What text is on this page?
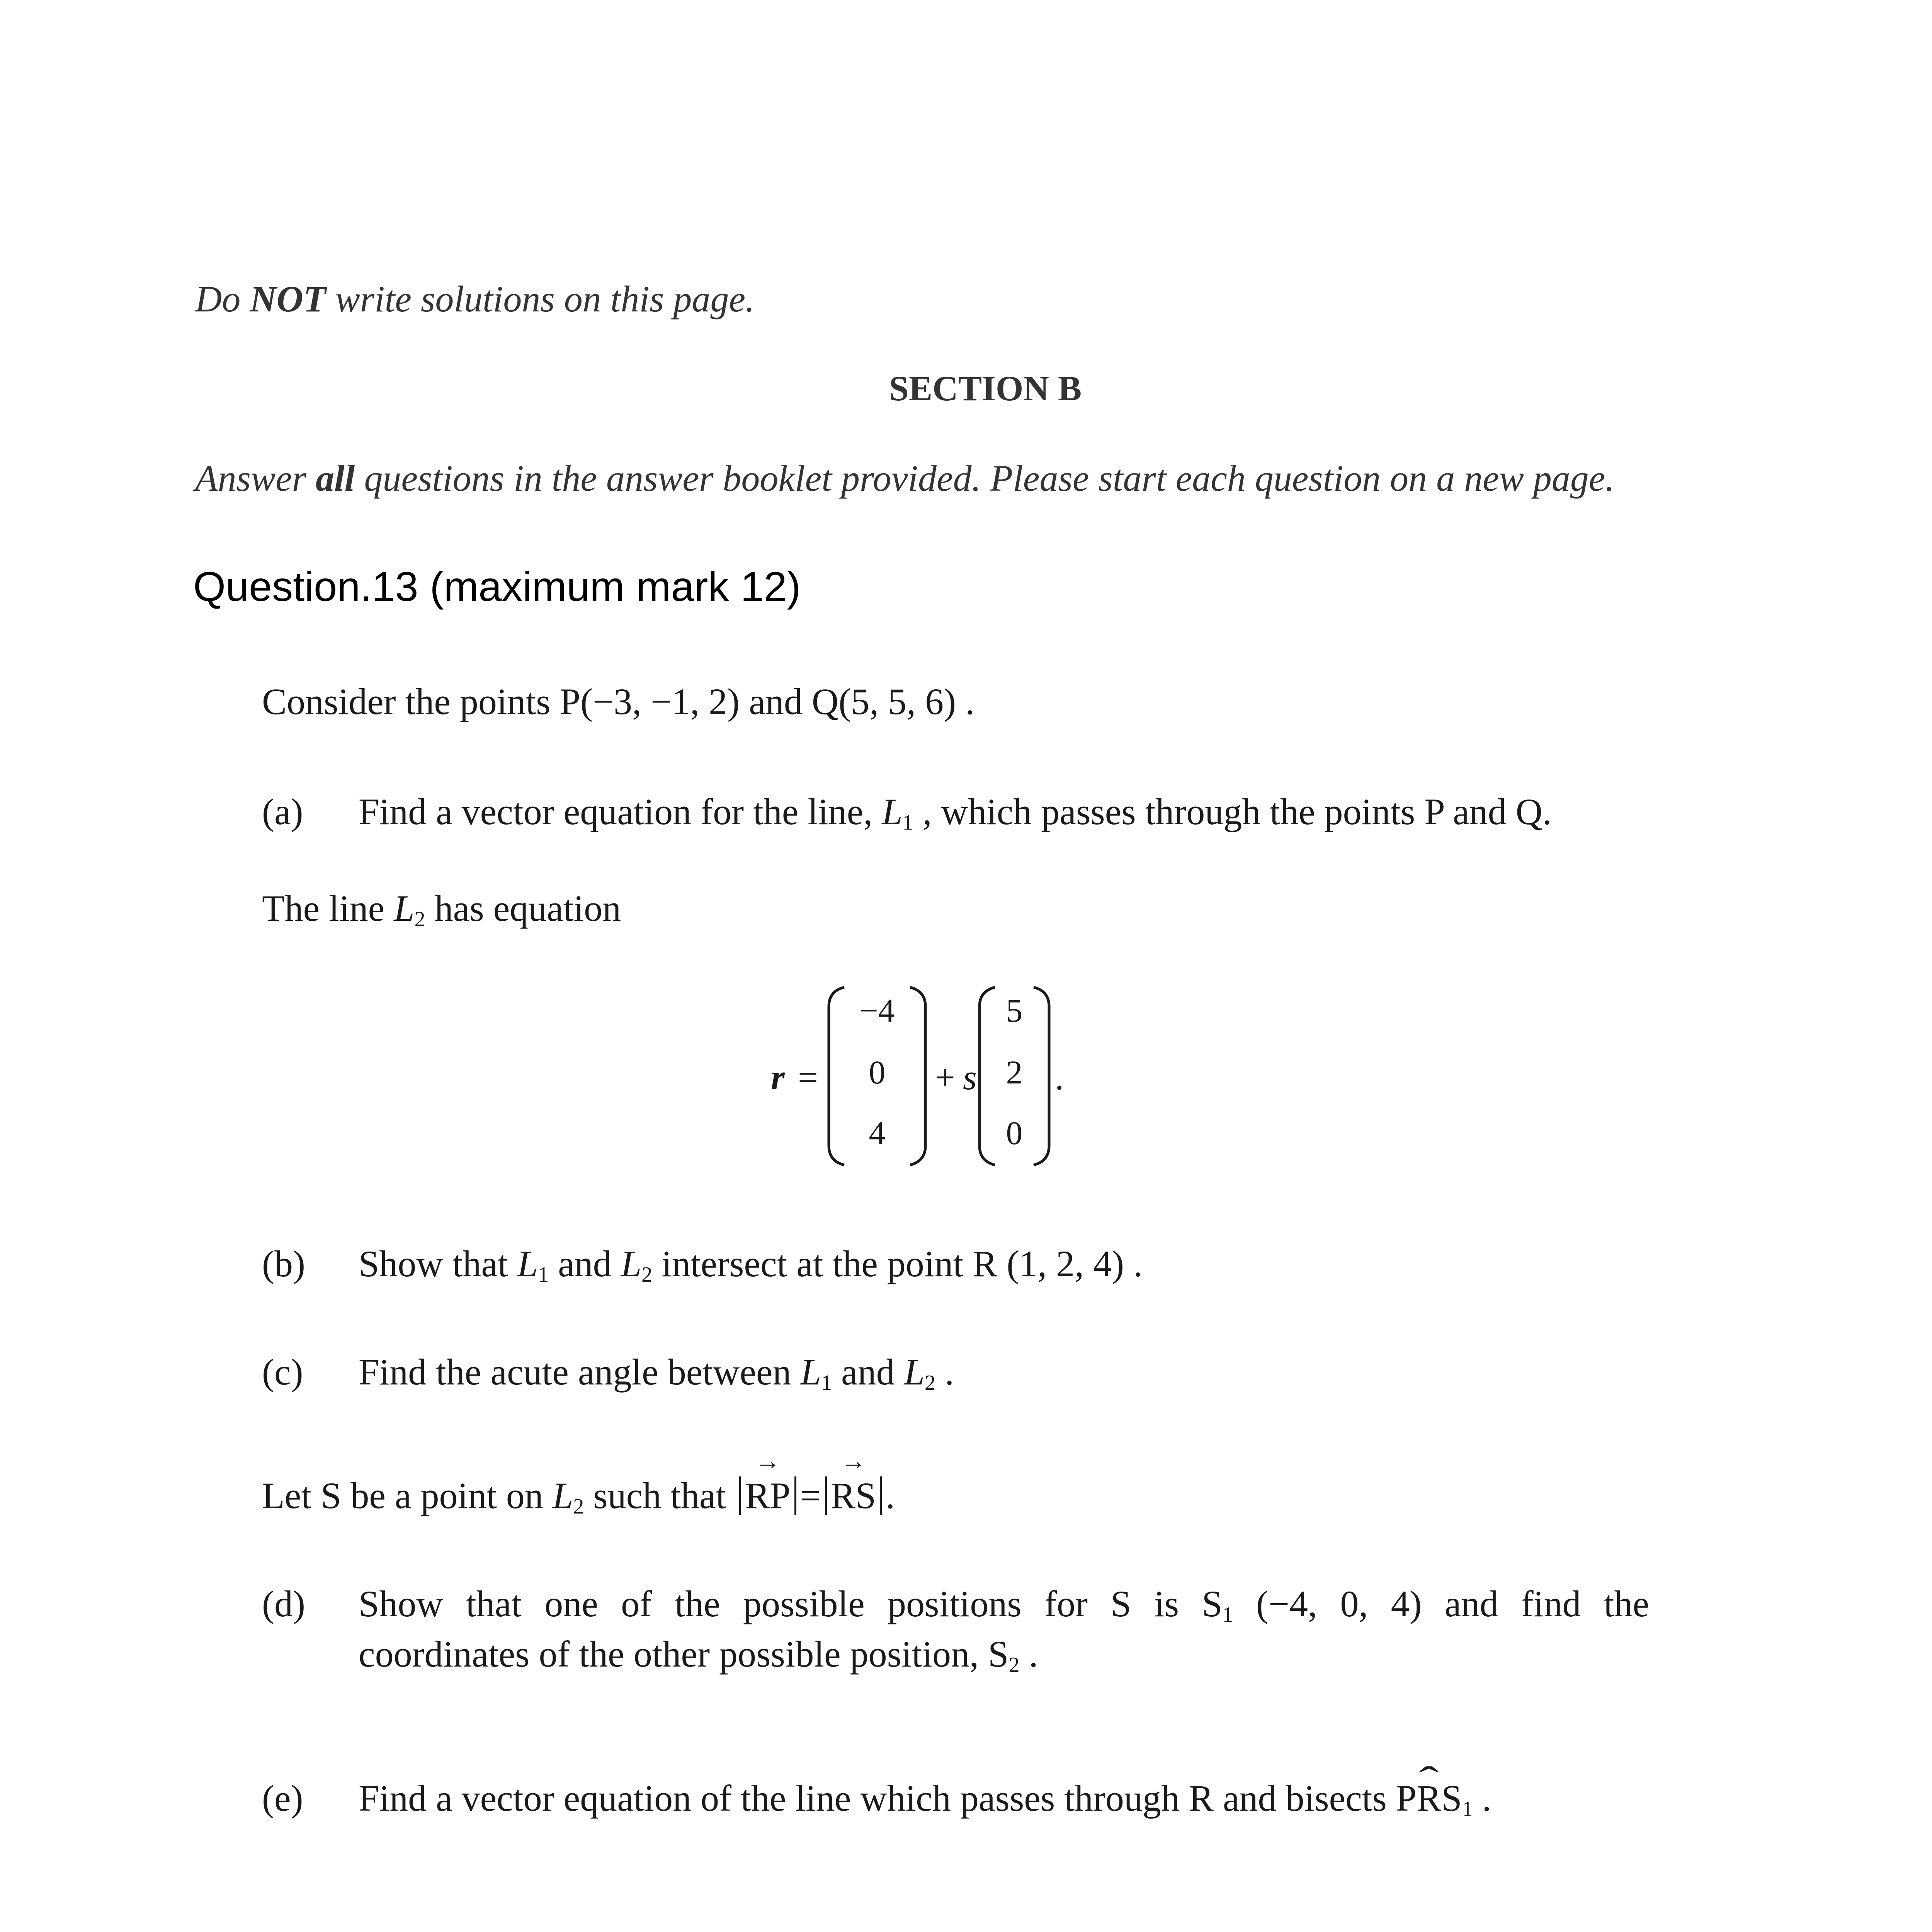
Do NOT write solutions on this page.
SECTION B
Answer all questions in the answer booklet provided. Please start each question on a new page.
Question.13 (maximum mark 12)
Consider the points P(−3, −1, 2) and Q(5, 5, 6) .
(a) Find a vector equation for the line, $L_1$ , which passes through the points P and Q.
The line $L_2$ has equation
r =
−4
0
4
+ s
5
2
0
.
(b) Show that $L_1$ and $L_2$ intersect at the point R (1, 2, 4) .
(c) Find the acute angle between $L_1$ and $L_2$ .
Let S be a point on $L_2$ such that → RP = → RS .
(d) Show that one of the possible positions for S is $S_1$ (−4, 0, 4) and find the
coordinates of the other possible position, $S_2$ .
(e) Find a vector equation of the line which passes through R and bisects Pˆ $RS_1$ .
